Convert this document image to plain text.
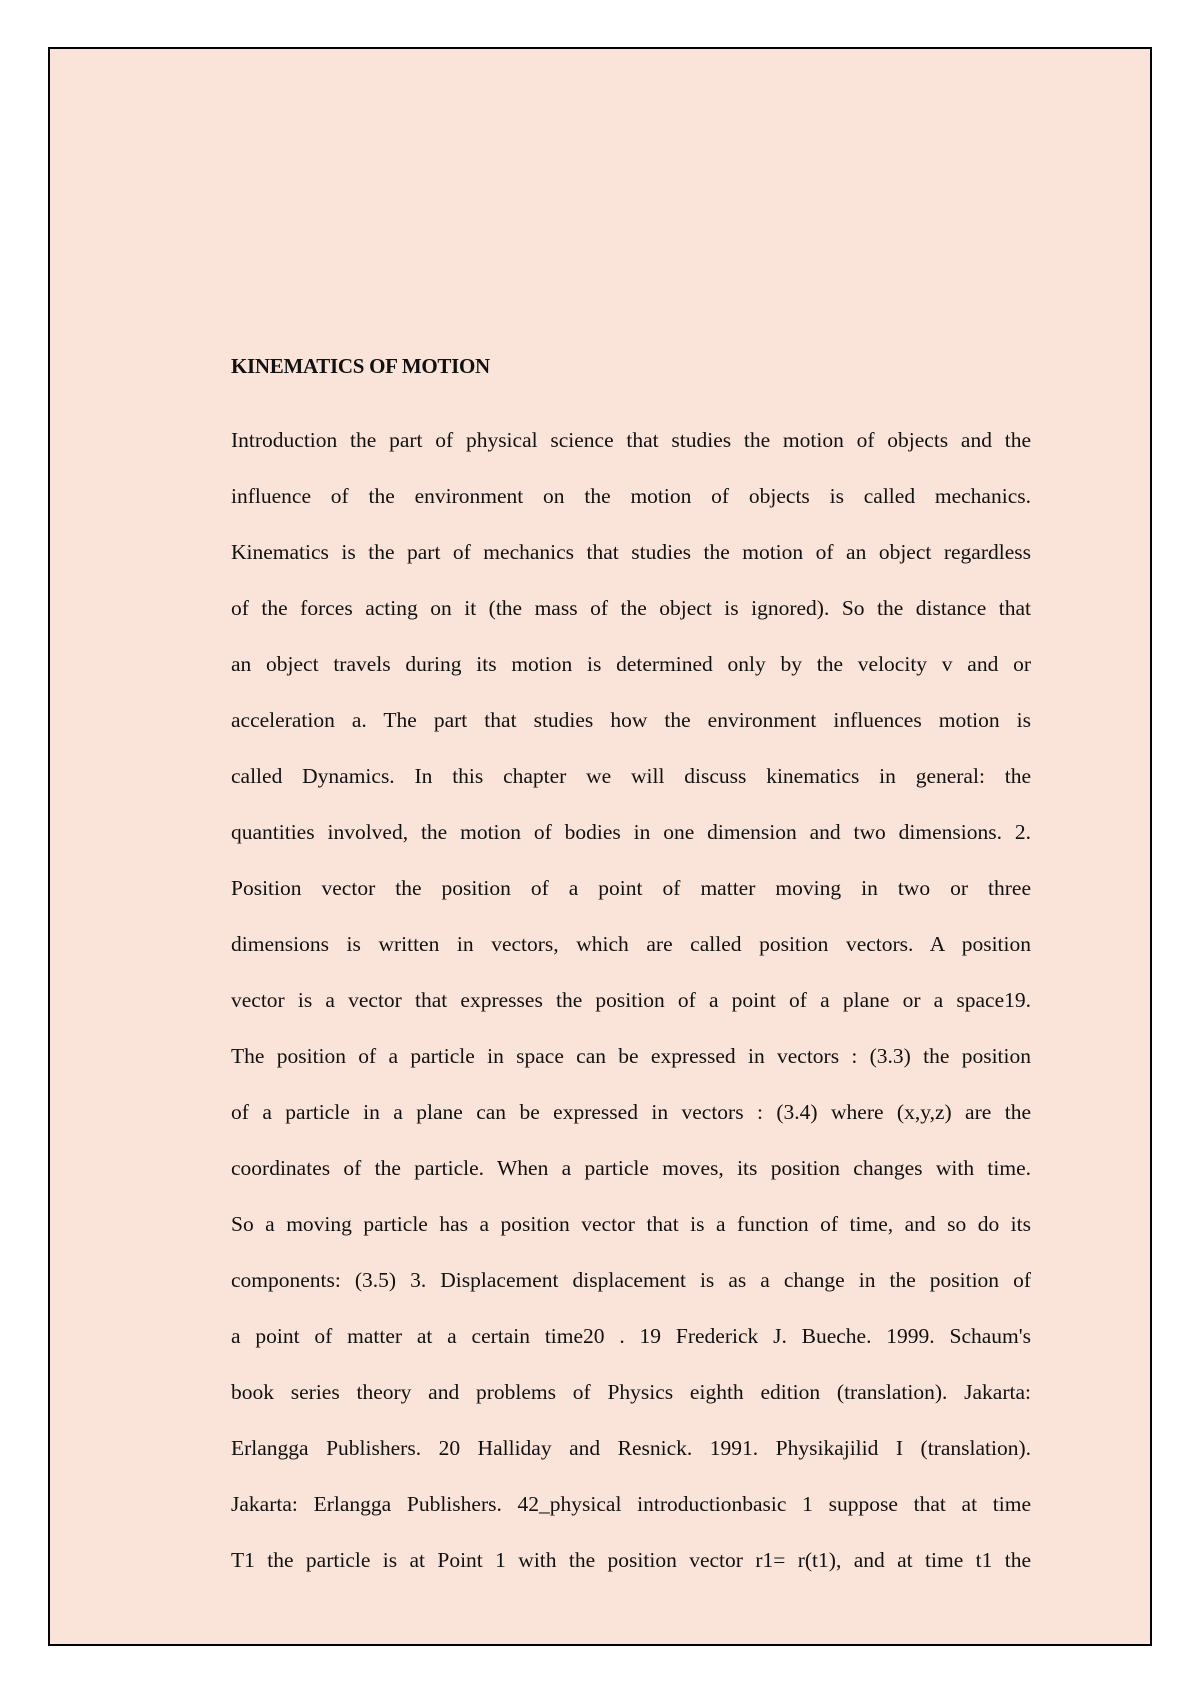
KINEMATICS OF MOTION
Introduction the part of physical science that studies the motion of objects and the
influence of the environment on the motion of objects is called mechanics.
Kinematics is the part of mechanics that studies the motion of an object regardless
of the forces acting on it (the mass of the object is ignored). So the distance that
an object travels during its motion is determined only by the velocity v and or
acceleration a. The part that studies how the environment influences motion is
called Dynamics. In this chapter we will discuss kinematics in general: the
quantities involved, the motion of bodies in one dimension and two dimensions. 2.
Position vector the position of a point of matter moving in two or three
dimensions is written in vectors, which are called position vectors. A position
vector is a vector that expresses the position of a point of a plane or a space19.
The position of a particle in space can be expressed in vectors : (3.3) the position
of a particle in a plane can be expressed in vectors : (3.4) where (x,y,z) are the
coordinates of the particle. When a particle moves, its position changes with time.
So a moving particle has a position vector that is a function of time, and so do its
components: (3.5) 3. Displacement displacement is as a change in the position of
a point of matter at a certain time20 . 19 Frederick J. Bueche. 1999. Schaum's
book series theory and problems of Physics eighth edition (translation). Jakarta:
Erlangga Publishers. 20 Halliday and Resnick. 1991. Physikajilid I (translation).
Jakarta: Erlangga Publishers. 42_physical introductionbasic 1 suppose that at time
T1 the particle is at Point 1 with the position vector r1= r(t1), and at time t1 the
